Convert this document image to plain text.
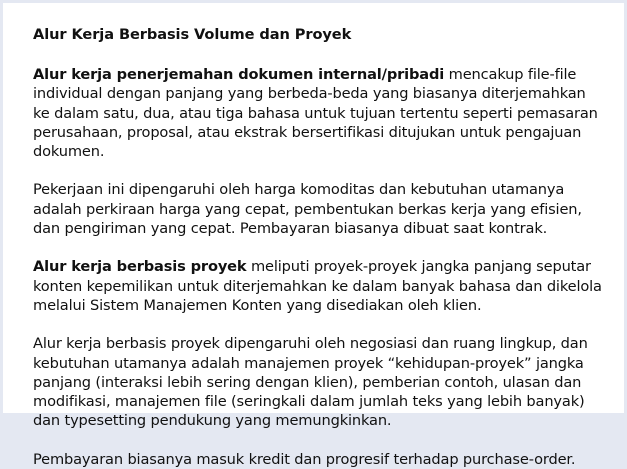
Alur Kerja Berbasis Volume dan Proyek

Alur kerja penerjemahan dokumen internal/pribadi mencakup file-file individual dengan panjang yang berbeda-beda yang biasanya diterjemahkan ke dalam satu, dua, atau tiga bahasa untuk tujuan tertentu seperti pemasaran perusahaan, proposal, atau ekstrak bersertifikasi ditujukan untuk pengajuan dokumen.

Pekerjaan ini dipengaruhi oleh harga komoditas dan kebutuhan utamanya adalah perkiraan harga yang cepat, pembentukan berkas kerja yang efisien, dan pengiriman yang cepat. Pembayaran biasanya dibuat saat kontrak.

Alur kerja berbasis proyek meliputi proyek-proyek jangka panjang seputar konten kepemilikan untuk diterjemahkan ke dalam banyak bahasa dan dikelola melalui Sistem Manajemen Konten yang disediakan oleh klien.

Alur kerja berbasis proyek dipengaruhi oleh negosiasi dan ruang lingkup, dan kebutuhan utamanya adalah manajemen proyek “kehidupan-proyek” jangka panjang (interaksi lebih sering dengan klien), pemberian contoh, ulasan dan modifikasi, manajemen file (seringkali dalam jumlah teks yang lebih banyak) dan typesetting pendukung yang memungkinkan.

Pembayaran biasanya masuk kredit dan progresif terhadap purchase-order.
